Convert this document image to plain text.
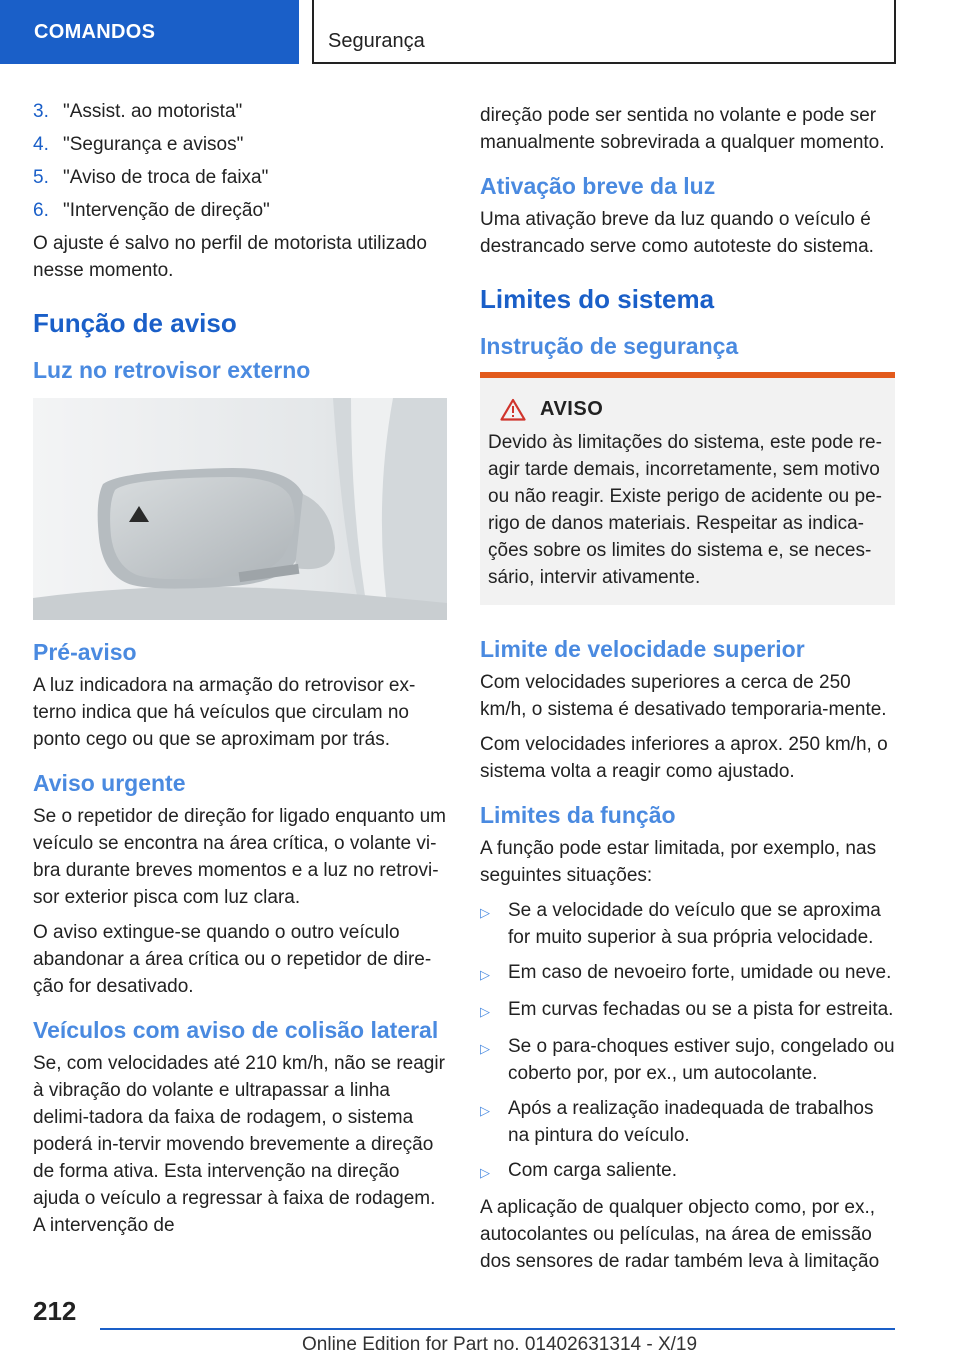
COMANDOS	Segurança
3. "Assist. ao motorista"
4. "Segurança e avisos"
5. "Aviso de troca de faixa"
6. "Intervenção de direção"

O ajuste é salvo no perfil de motorista utilizado nesse momento.

Função de aviso
Luz no retrovisor externo
Pré-aviso

A luz indicadora na armação do retrovisor ex-terno indica que há veículos que circulam no ponto cego ou que se aproximam por trás.

Aviso urgente

Se o repetidor de direção for ligado enquanto um veículo se encontra na área crítica, o volante vi-bra durante breves momentos e a luz no retrovi-sor exterior pisca com luz clara.

O aviso extingue-se quando o outro veículo abandonar a área crítica ou o repetidor de dire-ção for desativado.

Veículos com aviso de colisão lateral

Se, com velocidades até 210 km/h, não se reagir à vibração do volante e ultrapassar a linha delimi-tadora da faixa de rodagem, o sistema poderá in-tervir movendo brevemente a direção de forma ativa. Esta intervenção na direção ajuda o veículo a regressar à faixa de rodagem. A intervenção de

direção pode ser sentida no volante e pode ser manualmente sobrevirada a qualquer momento.

Ativação breve da luz

Uma ativação breve da luz quando o veículo é destrancado serve como autoteste do sistema.

Limites do sistema
Instrução de segurança
AVISO
Devido às limitações do sistema, este pode re-agir tarde demais, incorretamente, sem motivo ou não reagir. Existe perigo de acidente ou pe-rigo de danos materiais. Respeitar as indica-ções sobre os limites do sistema e, se neces-sário, intervir ativamente.
Limite de velocidade superior

Com velocidades superiores a cerca de 250 km/h, o sistema é desativado temporaria-mente.

Com velocidades inferiores a aprox. 250 km/h, o sistema volta a reagir como ajustado.

Limites da função

A função pode estar limitada, por exemplo, nas seguintes situações:

▷ Se a velocidade do veículo que se aproxima for muito superior à sua própria velocidade.
▷ Em caso de nevoeiro forte, umidade ou neve.
▷ Em curvas fechadas ou se a pista for estreita.
▷ Se o para-choques estiver sujo, congelado ou coberto por, por ex., um autocolante.
▷ Após a realização inadequada de trabalhos na pintura do veículo.
▷ Com carga saliente.

A aplicação de qualquer objecto como, por ex., autocolantes ou películas, na área de emissão dos sensores de radar também leva à limitação

212
Online Edition for Part no. 01402631314 - X/19
